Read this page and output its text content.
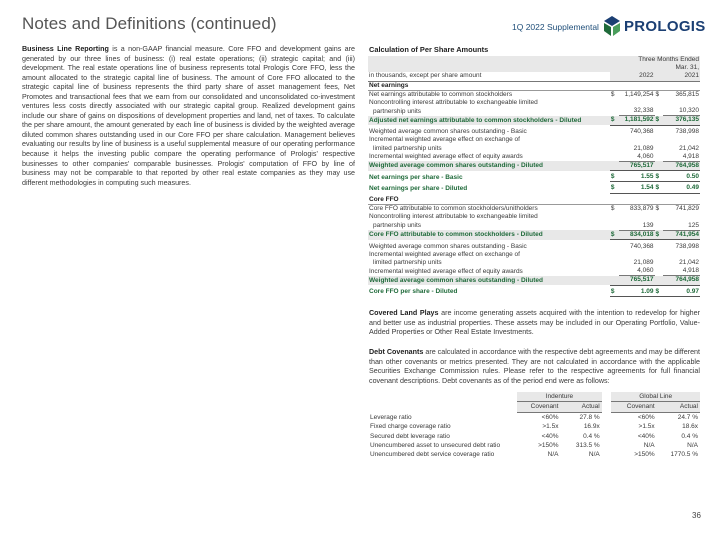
Notes and Definitions (continued)	1Q 2022 Supplemental PROLOGIS
Business Line Reporting is a non-GAAP financial measure. Core FFO and development gains are generated by our three lines of business: (i) real estate operations; (ii) strategic capital; and (iii) development. The real estate operations line of business represents total Prologis Core FFO, less the amount allocated to the strategic capital line of business. The amount of Core FFO allocated to the strategic capital line of business represents the third party share of asset management fees, Net Promotes and transactional fees that we earn from our consolidated and unconsolidated co-investment ventures less costs directly associated with our strategic capital group. Realized development gains include our share of gains on dispositions of development properties and land, net of taxes. To calculate the per share amount, the amount generated by each line of business is divided by the weighted average diluted common shares outstanding used in our Core FFO per share calculation. Management believes evaluating our results by line of business is a useful supplemental measure of our operating performance because it helps the investing public compare the operating performance of Prologis' respective businesses to other companies' comparable businesses. Prologis' computation of FFO by line of business may not be comparable to that reported by other real estate companies as they may use different methodologies in computing such measures.
Calculation of Per Share Amounts
	Three Months Ended			
	Mar. 31,			
in thousands, except per share amount	2022		2021	
Net earnings				
Net earnings attributable to common stockholders	$	1,149,254	$	365,815
Noncontrolling interest attributable to exchangeable limited				
partnership units		32,338		10,320
Adjusted net earnings attributable to common stockholders - Diluted	$	1,181,592	$	376,135
Weighted average common shares outstanding - Basic		740,368		738,998
Incremental weighted average effect on exchange of				
limited partnership units		21,089		21,042
Incremental weighted average effect of equity awards		4,060		4,918
Weighted average common shares outstanding - Diluted		765,517		764,958
Net earnings per share - Basic	$	1.55	$	0.50
Net earnings per share - Diluted	$	1.54	$	0.49
Core FFO				
Core FFO attributable to common stockholders/unitholders	$	833,879	$	741,829
Noncontrolling interest attributable to exchangeable limited				
partnership units		139		125
Core FFO attributable to common stockholders - Diluted	$	834,018	$	741,954
Weighted average common shares outstanding - Basic		740,368		738,998
Incremental weighted average effect on exchange of				
limited partnership units		21,089		21,042
Incremental weighted average effect of equity awards		4,060		4,918
Weighted average common shares outstanding - Diluted		765,517		764,958
Core FFO per share - Diluted	$	1.09	$	0.97
Covered Land Plays are income generating assets acquired with the intention to redevelop for higher and better use as industrial properties. These assets may be included in our Operating Portfolio, Value-Added Properties or Other Real Estate Investments.
Debt Covenants are calculated in accordance with the respective debt agreements and may be different than other covenants or metrics presented. They are not calculated in accordance with the applicable Securities Exchange Commission rules. Please refer to the respective agreements for full financial covenant descriptions. Debt covenants as of the period end were as follows:
	Indenture			Global Line	
	Covenant	Actual		Covenant	Actual
Leverage ratio	<60%	27.8 %		<60%	24.7 %
Fixed charge coverage ratio	>1.5x	16.9x		>1.5x	18.6x
Secured debt leverage ratio	<40%	0.4 %		<40%	0.4 %
Unencumbered asset to unsecured debt ratio	>150%	313.5 %		N/A	N/A
Unencumbered debt service coverage ratio	N/A	N/A		>150%	1770.5 %
36
